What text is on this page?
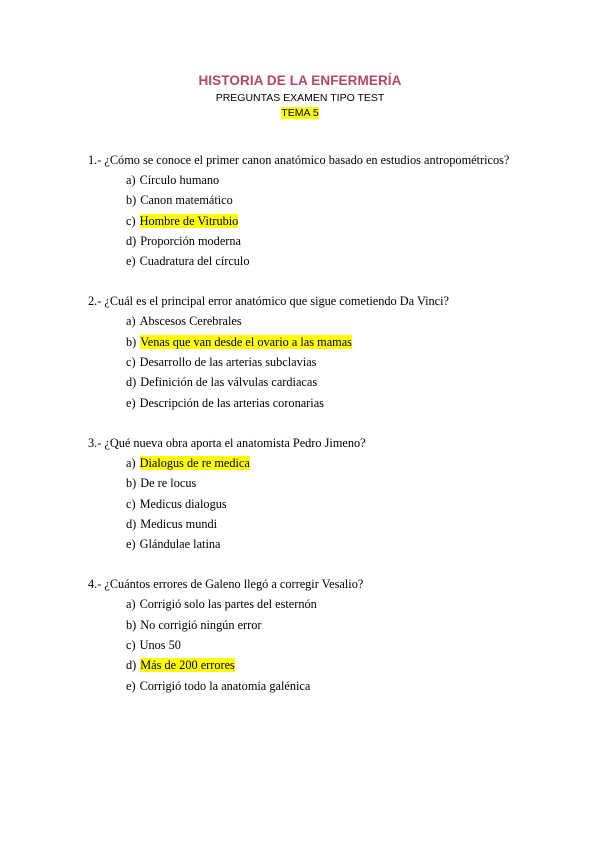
HISTORIA DE LA ENFERMERÍA
PREGUNTAS EXAMEN TIPO TEST
TEMA 5
1.- ¿Cómo se conoce el primer canon anatómico basado en estudios antropométricos?
a) Círculo humano
b) Canon matemático
c) Hombre de Vitrubio
d) Proporción moderna
e) Cuadratura del círculo
2.- ¿Cuál es el principal error anatómico que sigue cometiendo Da Vinci?
a) Abscesos Cerebrales
b) Venas que van desde el ovario a las mamas
c) Desarrollo de las arterias subclavias
d) Definición de las válvulas cardiacas
e) Descripción de las arterias coronarias
3.- ¿Qué nueva obra aporta el anatomista Pedro Jimeno?
a) Dialogus de re medica
b) De re locus
c) Medicus dialogus
d) Medicus mundi
e) Glándulae latina
4.- ¿Cuántos errores de Galeno llegó a corregir Vesalio?
a) Corrigió solo las partes del esternón
b) No corrigió ningún error
c) Unos 50
d) Más de 200 errores
e) Corrigió todo la anatomía galénica
